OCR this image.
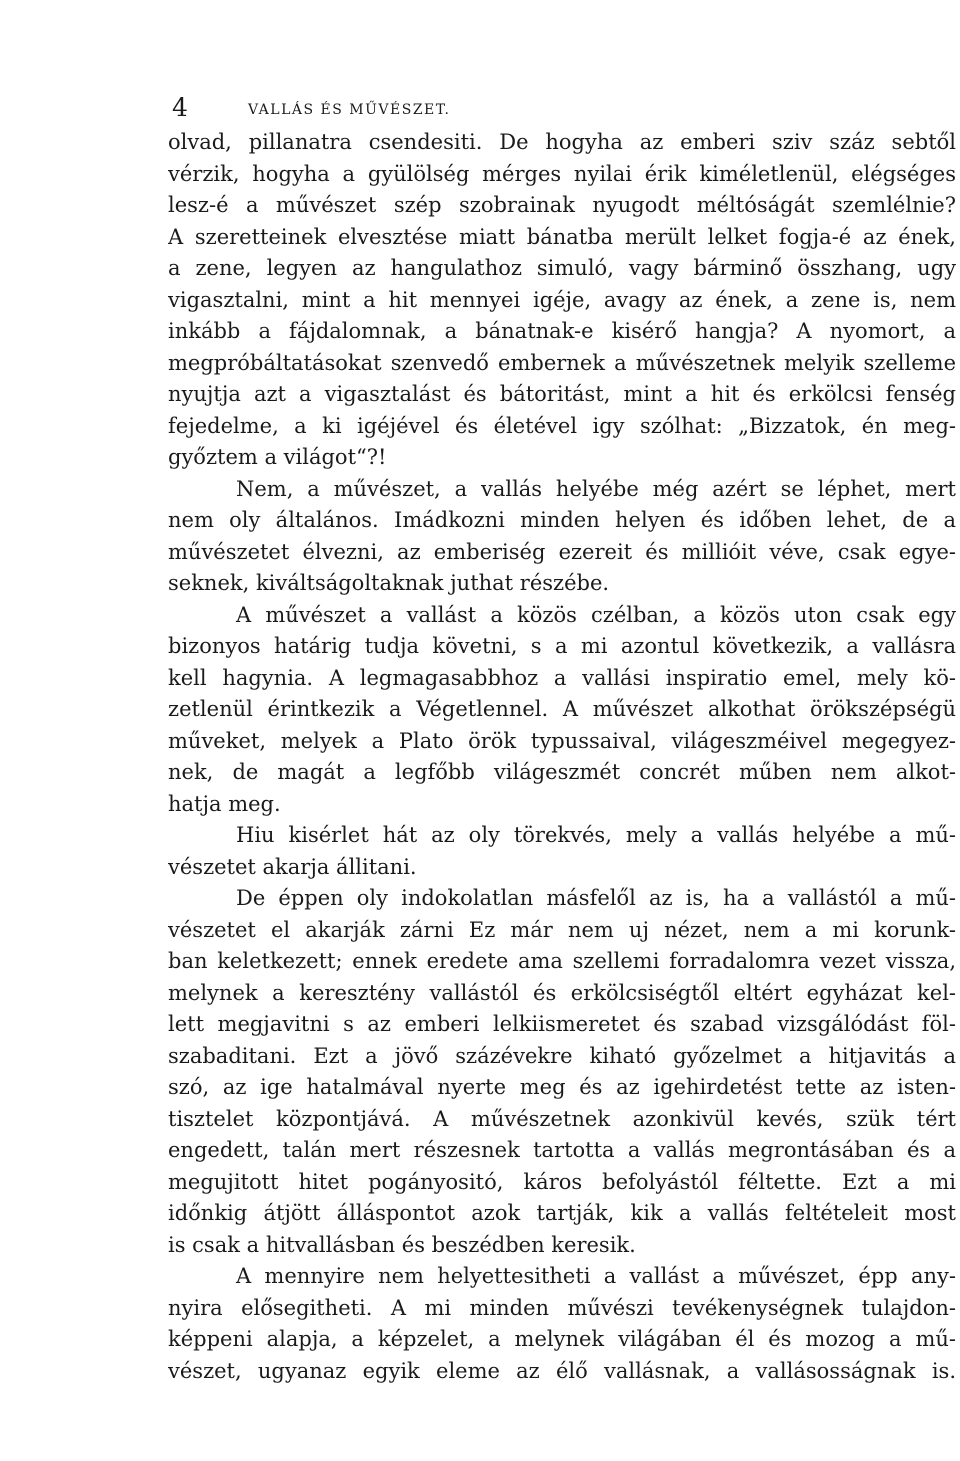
4	VALLÁS ÉS MŰVÉSZET.
olvad, pillanatra csendesiti. De hogyha az emberi sziv száz sebtől
vérzik, hogyha a gyülölség mérges nyilai érik kiméletlenül, elégséges
lesz-é a művészet szép szobrainak nyugodt méltóságát szemlélnie?
A szeretteinek elvesztése miatt bánatba merült lelket fogja-é az ének,
a zene, legyen az hangulathoz simuló, vagy bárminő összhang, ugy
vigasztalni, mint a hit mennyei igéje, avagy az ének, a zene is, nem
inkább a fájdalomnak, a bánatnak-e kisérő hangja? A nyomort, a
megpróbáltatásokat szenvedő embernek a művészetnek melyik szelleme
nyujtja azt a vigasztalást és bátoritást, mint a hit és erkölcsi fenség
fejedelme, a ki igéjével és életével igy szólhat: „Bizzatok, én meg-
győztem a világot“?!
Nem, a művészet, a vallás helyébe még azért se léphet, mert
nem oly általános. Imádkozni minden helyen és időben lehet, de a
művészetet élvezni, az emberiség ezereit és millióit véve, csak egye-
seknek, kiváltságoltaknak juthat részébe.
A művészet a vallást a közös czélban, a közös uton csak egy
bizonyos határig tudja követni, s a mi azontul következik, a vallásra
kell hagynia. A legmagasabbhoz a vallási inspiratio emel, mely kö-
zetlenül érintkezik a Végetlennel. A művészet alkothat örökszépségü
műveket, melyek a Plato örök typussaival, világeszméivel megegyez-
nek, de magát a legfőbb világeszmét concrét műben nem alkot-
hatja meg.
Hiu kisérlet hát az oly törekvés, mely a vallás helyébe a mű-
vészetet akarja állitani.
De éppen oly indokolatlan másfelől az is, ha a vallástól a mű-
vészetet el akarják zárni Ez már nem uj nézet, nem a mi korunk-
ban keletkezett; ennek eredete ama szellemi forradalomra vezet vissza,
melynek a keresztény vallástól és erkölcsiségtől eltért egyházat kel-
lett megjavitni s az emberi lelkiismeretet és szabad vizsgálódást föl-
szabaditani. Ezt a jövő százévekre kiható győzelmet a hitjavitás a
szó, az ige hatalmával nyerte meg és az igehirdetést tette az isten-
tisztelet központjává. A művészetnek azonkivül kevés, szük tért
engedett, talán mert részesnek tartotta a vallás megrontásában és a
megujitott hitet pogányositó, káros befolyástól féltette. Ezt a mi
időnkig átjött álláspontot azok tartják, kik a vallás feltételeit most
is csak a hitvallásban és beszédben keresik.
A mennyire nem helyettesitheti a vallást a művészet, épp any-
nyira elősegitheti. A mi minden művészi tevékenységnek tulajdon-
képpeni alapja, a képzelet, a melynek világában él és mozog a mű-
vészet, ugyanaz egyik eleme az élő vallásnak, a vallásosságnak is.
